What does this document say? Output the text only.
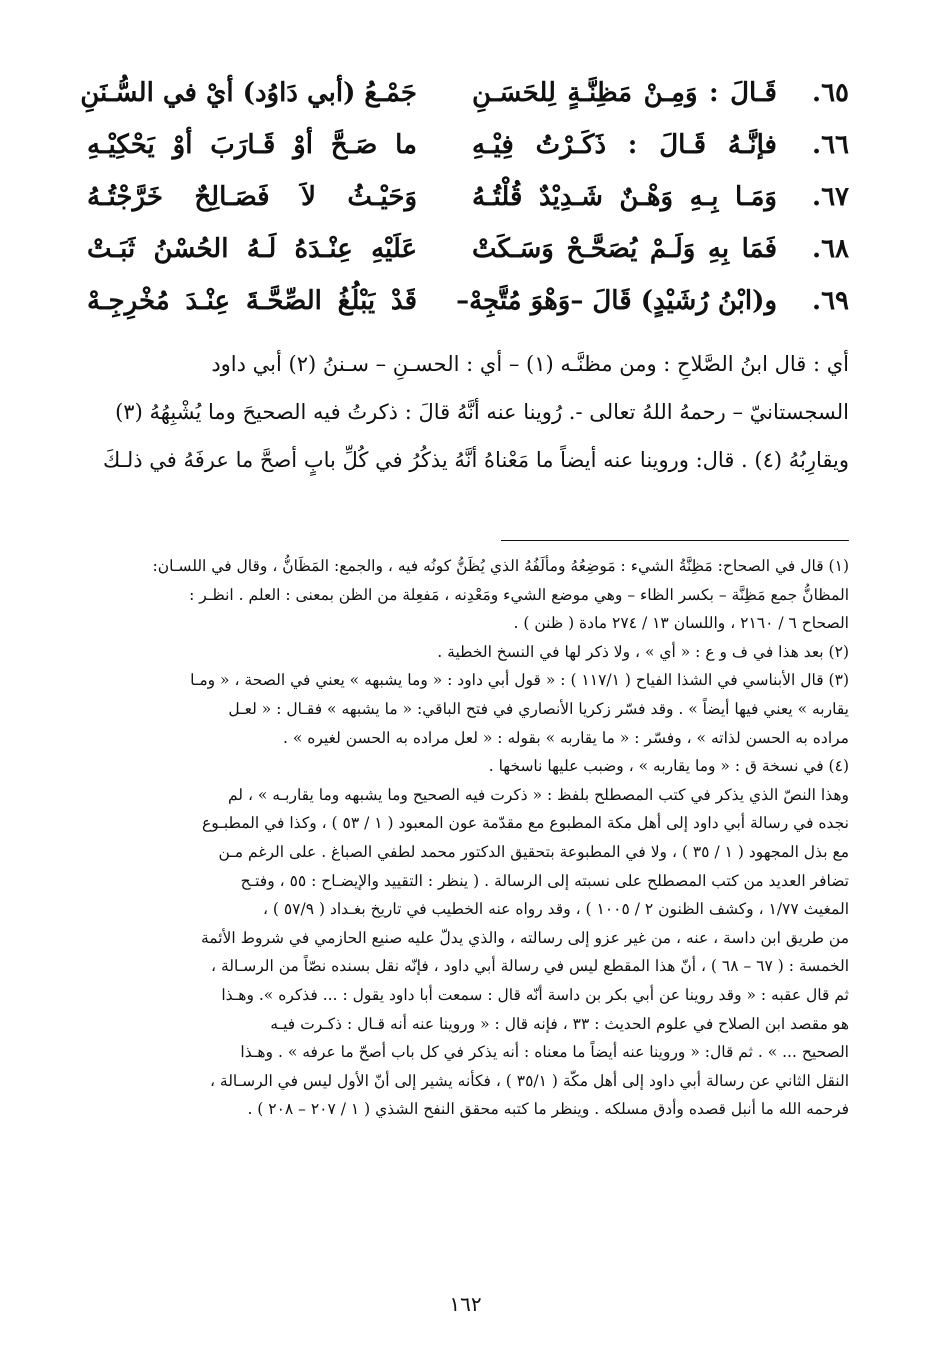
٦٥.
قَـالَ : وَمِـنْ مَظِنَّـةٍ لِلحَسَـنِ
جَمْـعُ (أبي دَاوُد) أيْ في السُّـنَنِ
٦٦.
فإنَّـهُ قَـالَ : ذَكَـرْتُ فِيْـهِ
ما صَـحَّ أوْ قَـارَبَ أوْ يَحْكِيْـهِ
٦٧.
وَمَـا بِـهِ وَهْـنٌ شَـدِيْدٌ قُلْتُـهُ
وَحَيْـثُ لاَ فَصَـالِحٌ خَرَّجْتُـهُ
٦٨.
فَمَا بِهِ وَلَـمْ يُصَحَّـحْ وَسَـكَتْ
عَلَيْهِ عِنْـدَهُ لَـهُ الحُسْنُ ثَبَـتْ
٦٩.
و(ابْنُ رُشَيْدٍ) قَالَ –وَهْوَ مُتَّجِهْ–
قَدْ يَبْلُغُ الصِّحَّـةَ عِنْـدَ مُخْرِجِـهْ

أي : قال ابنُ الصَّلاحِ : ومن مظنَّـه (١) – أي : الحسـنِ – سـننُ (٢) أبي داود

السجستانيّ – رحمهُ اللهُ تعالى -. رُوينا عنه أنَّهُ قالَ : ذكرتُ فيه الصحيحَ وما يُشْبِهُهُ (٣)

ويقارِبُهُ (٤) . قال: وروينا عنه أيضاً ما مَعْناهُ أنَّهُ يذكُرُ في كُلِّ بابٍ أصحَّ ما عرفَهُ في ذلـكَ

(١) قال في الصحاح: مَظِنَّةُ الشيء : مَوضِعُهُ ومألَفُهُ الذي يُظَنُّ كونُه فيه ، والجمع: المَظَانُّ ، وقال في اللسـان:

المظانُّ جمع مَظِنَّة – بكسر الظاء – وهي موضع الشيء ومَعْدِنه ، مَفعِلة من الظن بمعنى : العلم . انظـر :

الصحاح ٦ / ٢١٦٠ ، واللسان ١٣ / ٢٧٤ مادة ( ظنن ) .

(٢) بعد هذا في ف و ع : « أي » ، ولا ذكر لها في النسخ الخطية .

(٣) قال الأبناسي في الشذا الفياح ( ١١٧/١ ) : « قول أبي داود : « وما يشبهه » يعني في الصحة ، « ومـا

يقاربه » يعني فيها أيضاً » . وقد فسّر زكريا الأنصاري في فتح الباقي: « ما يشبهه » فقـال : « لعـل

مراده به الحسن لذاته » ، وفسّر : « ما يقاربه » بقوله : « لعل مراده به الحسن لغيره » .

(٤) في نسخة ق : « وما يقاربه » ، وضبب عليها ناسخها .

وهذا النصّ الذي يذكر في كتب المصطلح بلفظ : « ذكرت فيه الصحيح وما يشبهه وما يقاربـه » ، لم

نجده في رسالة أبي داود إلى أهل مكة المطبوع مع مقدّمة عون المعبود ( ١ / ٥٣ ) ، وكذا في المطبـوع

مع بذل المجهود ( ١ / ٣٥ ) ، ولا في المطبوعة بتحقيق الدكتور محمد لطفي الصباغ . على الرغم مـن

تضافر العديد من كتب المصطلح على نسبته إلى الرسالة . ( ينظر : التقييد والإيضـاح : ٥٥ ، وفتـح

المغيث ١/٧٧ ، وكشف الظنون ٢ / ١٠٠٥ ) ، وقد رواه عنه الخطيب في تاريخ بغـداد ( ٥٧/٩ ) ،

من طريق ابن داسة ، عنه ، من غير عزو إلى رسالته ، والذي يدلّ عليه صنيع الحازمي في شروط الأئمة

الخمسة : ( ٦٧ – ٦٨ ) ، أنّ هذا المقطع ليس في رسالة أبي داود ، فإنّه نقل بسنده نصّاً من الرسـالة ،

ثم قال عقبه : « وقد روينا عن أبي بكر بن داسة أنّه قال : سمعت أبا داود يقول : ... فذكره ». وهـذا

هو مقصد ابن الصلاح في علوم الحديث : ٣٣ ، فإنه قال : « وروينا عنه أنه قـال : ذكـرت فيـه

الصحيح ... » . ثم قال: « وروينا عنه أيضاً ما معناه : أنه يذكر في كل باب أصحّ ما عرفه » . وهـذا

النقل الثاني عن رسالة أبي داود إلى أهل مكّة ( ٣٥/١ ) ، فكأنه يشير إلى أنّ الأول ليس في الرسـالة ،

فرحمه الله ما أنبل قصده وأدق مسلكه . وينظر ما كتبه محقق النفح الشذي ( ١ / ٢٠٧ – ٢٠٨ ) .

١٦٢
